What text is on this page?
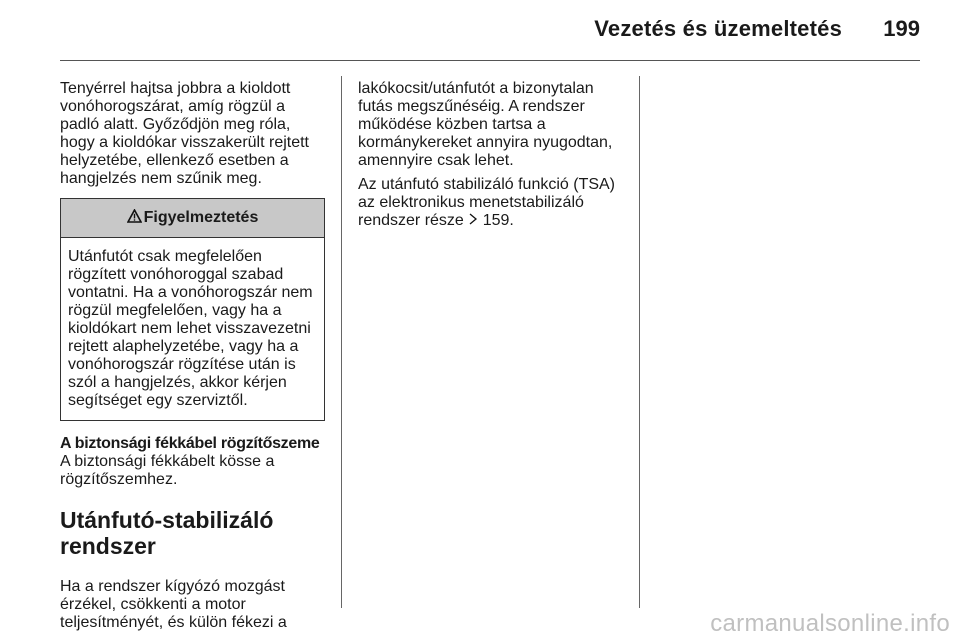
Vezetés és üzemeltetés 199

Tenyérrel hajtsa jobbra a kioldott vonóhorogszárat, amíg rögzül a padló alatt. Győződjön meg róla, hogy a kioldókar visszakerült rejtett helyzetébe, ellenkező esetben a hangjelzés nem szűnik meg.

Figyelmeztetés
Utánfutót csak megfelelően rögzített vonóhoroggal szabad vontatni. Ha a vonóhorogszár nem rögzül megfelelően, vagy ha a kioldókart nem lehet visszavezetni rejtett alaphelyzetébe, vagy ha a vonóhorogszár rögzítése után is szól a hangjelzés, akkor kérjen segítséget egy szerviztől.

A biztonsági fékkábel rögzítőszeme

A biztonsági fékkábelt kösse a rögzítőszemhez.

Utánfutó-stabilizáló rendszer

Ha a rendszer kígyózó mozgást érzékel, csökkenti a motor teljesítményét, és külön fékezi a

lakókocsit/utánfutót a bizonytalan futás megszűnéséig. A rendszer működése közben tartsa a kormánykereket annyira nyugodtan, amennyire csak lehet.

Az utánfutó stabilizáló funkció (TSA) az elektronikus menetstabilizáló rendszer része 159.

carmanualsonline.info
